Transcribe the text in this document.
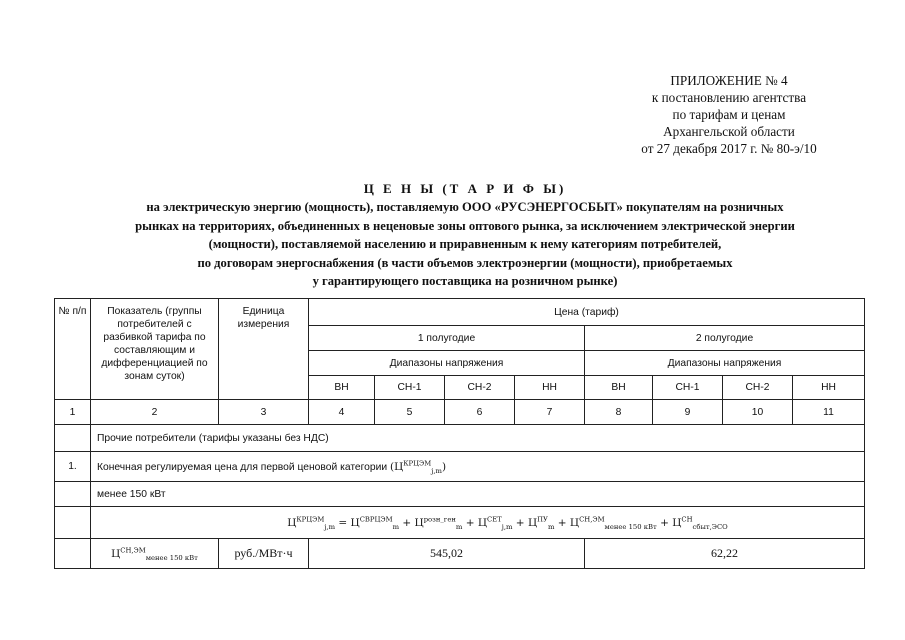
ПРИЛОЖЕНИЕ № 4
к постановлению агентства
по тарифам и ценам
Архангельской области
от 27 декабря 2017 г. № 80-э/10
Ц Е Н Ы (Т А Р И Ф Ы)
на электрическую энергию (мощность), поставляемую ООО «РУСЭНЕРГОСБЫТ» покупателям на розничных
рынках на территориях, объединенных в неценовые зоны оптового рынка, за исключением электрической энергии
(мощности), поставляемой населению и приравненным к нему категориям потребителей,
по договорам энергоснабжения (в части объемов электроэнергии (мощности), приобретаемых
у гарантирующего поставщика на розничном рынке)
№ п/п	Показатель (группы потребителей с разбивкой тарифа по составляющим и дифференциацией по зонам суток)	Единица измерения	Цена (тариф)							
			1 полугодие				2 полугодие			
			Диапазоны напряжения				Диапазоны напряжения			
			ВН	СН-1	СН-2	НН	ВН	СН-1	СН-2	НН
1	2	3	4	5	6	7	8	9	10	11
	Прочие потребители (тарифы указаны без НДС)									
1.	Конечная регулируемая цена для первой ценовой категории $(Ц^{КРЦЭМ}_{j,m})$									
	менее 150 кВт									
	$Ц^{КРЦЭМ}_{j,m} = Ц^{СВРЦЭМ}_m + Ц^{розн\_ген}_m + Ц^{СЕТ}_{j,m} + Ц^{ПУ}_m + Ц^{СН,ЭМ}_{менее 150 кВт} + Ц^{СН}_{сбыт,ЭСО}$
	$Ц^{СН,ЭМ}_{менее 150 кВт}$	руб./МВт·ч	545,02				62,22			
